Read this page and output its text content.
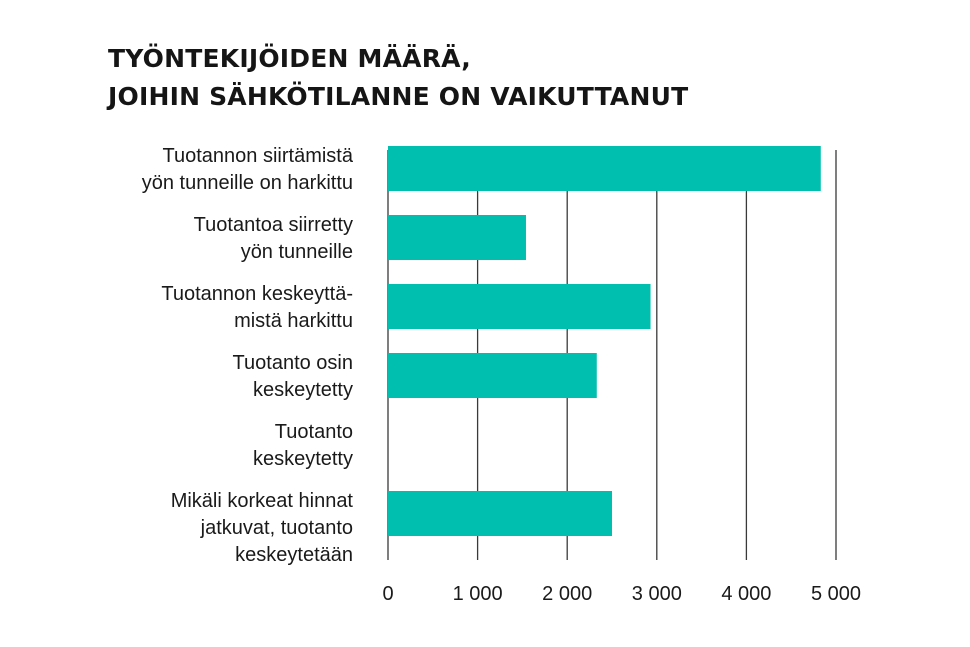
TYÖNTEKIJÖIDEN MÄÄRÄ,
JOIHIN SÄHKÖTILANNE ON VAIKUTTANUT
Tuotannon siirtämistä
yön tunneille on harkittu
Tuotantoa siirretty
yön tunneille
Tuotannon keskeyttä-
mistä harkittu
Tuotanto osin
keskeytetty
Tuotanto
keskeytetty
Mikäli korkeat hinnat
jatkuvat, tuotanto
keskeytetään
0	1 000 2 000 3 000 4 000 5 000
